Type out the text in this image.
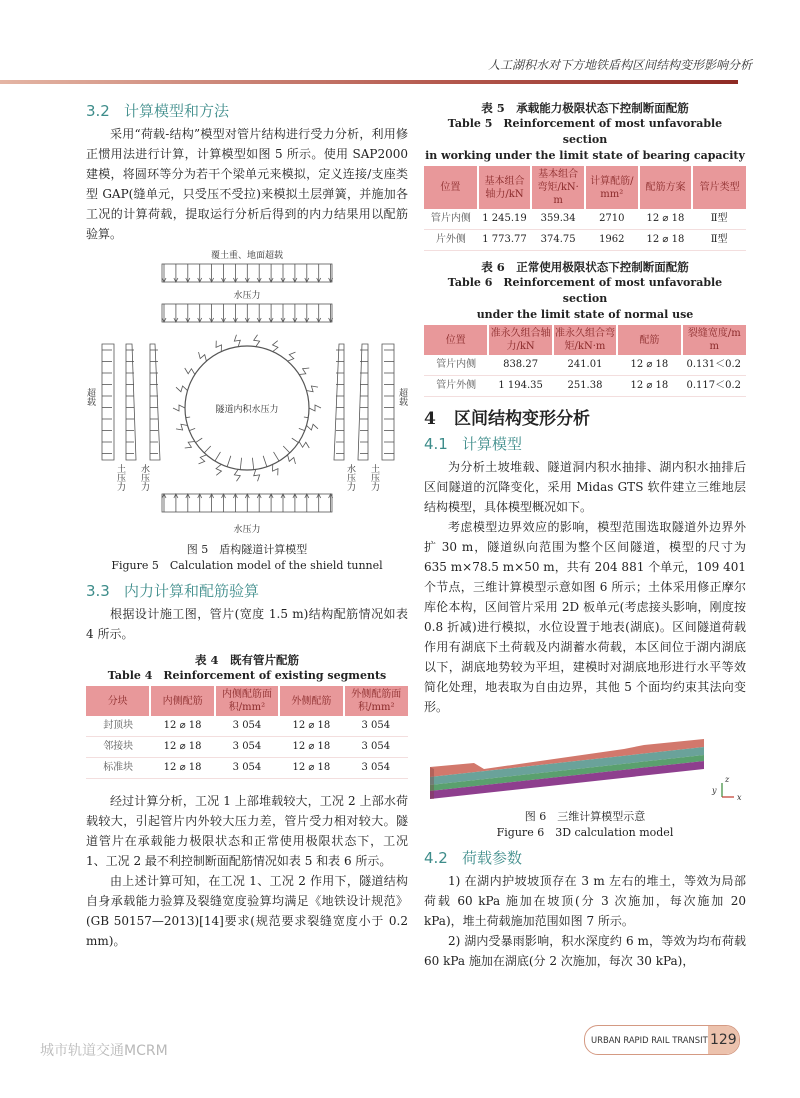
人工湖积水对下方地铁盾构区间结构变形影响分析
3.2 计算模型和方法

采用“荷载-结构”模型对管片结构进行受力分析，利用修正惯用法进行计算，计算模型如图 5 所示。使用 SAP2000 建模，将圆环等分为若干个梁单元来模拟，定义连接/支座类型 GAP(缝单元，只受压不受拉)来模拟土层弹簧，并施加各工况的计算荷载，提取运行分析后得到的内力结果用以配筋验算。

覆土重、地面超载
水压力
隧道内积水压力
超载
土压力 水压力	水压力 土压力
超载
水压力
图 5　盾构隧道计算模型
Figure 5　Calculation model of the shield tunnel
3.3 内力计算和配筋验算

根据设计施工图，管片(宽度 1.5 m)结构配筋情况如表 4 所示。

表 4　既有管片配筋
Table 4　Reinforcement of existing segments
分块	内侧配筋	内侧配筋面积/mm²	外侧配筋	外侧配筋面积/mm²
封顶块	12 ⌀ 18	3 054	12 ⌀ 18	3 054
邻接块	12 ⌀ 18	3 054	12 ⌀ 18	3 054
标准块	12 ⌀ 18	3 054	12 ⌀ 18	3 054

经过计算分析，工况 1 上部堆载较大，工况 2 上部水荷载较大，引起管片内外较大压力差，管片受力相对较大。隧道管片在承载能力极限状态和正常使用极限状态下，工况 1、工况 2 最不利控制断面配筋情况如表 5 和表 6 所示。

由上述计算可知，在工况 1、工况 2 作用下，隧道结构自身承载能力验算及裂缝宽度验算均满足《地铁设计规范》(GB 50157—2013)[14]要求(规范要求裂缝宽度小于 0.2 mm)。

表 5　承载能力极限状态下控制断面配筋
Table 5　Reinforcement of most unfavorable section
in working under the limit state of bearing capacity
位置	基本组合轴力/kN	基本组合弯矩/kN·m	计算配筋/mm²	配筋方案	管片类型
管片内侧	1 245.19	359.34	2710	12 ⌀ 18	Ⅱ型
片外侧	1 773.77	374.75	1962	12 ⌀ 18	Ⅱ型
表 6　正常使用极限状态下控制断面配筋
Table 6　Reinforcement of most unfavorable section
under the limit state of normal use
位置	准永久组合轴力/kN	准永久组合弯矩/kN·m	配筋	裂缝宽度/mm
管片内侧	838.27	241.01	12 ⌀ 18	0.131＜0.2
管片外侧	1 194.35	251.38	12 ⌀ 18	0.117＜0.2
4 区间结构变形分析
4.1 计算模型

为分析土坡堆载、隧道洞内积水抽排、湖内积水抽排后区间隧道的沉降变化，采用 Midas GTS 软件建立三维地层结构模型，具体模型概况如下。

考虑模型边界效应的影响，模型范围选取隧道外边界外扩 30 m，隧道纵向范围为整个区间隧道，模型的尺寸为 635 m×78.5 m×50 m，共有 204 881 个单元，109 401 个节点，三维计算模型示意如图 6 所示；土体采用修正摩尔库伦本构，区间管片采用 2D 板单元(考虑接头影响，刚度按 0.8 折减)进行模拟，水位设置于地表(湖底)。区间隧道荷载作用有湖底下土荷载及内湖蓄水荷载，本区间位于湖内湖底以下，湖底地势较为平坦，建模时对湖底地形进行水平等效简化处理，地表取为自由边界，其他 5 个面均约束其法向变形。

x
y
z
图 6　三维计算模型示意
Figure 6　3D calculation model
4.2 荷载参数

1) 在湖内护坡坡顶存在 3 m 左右的堆土，等效为局部荷载 60 kPa 施加在坡顶(分 3 次施加，每次施加 20 kPa)，堆土荷载施加范围如图 7 所示。

2) 湖内受暴雨影响，积水深度约 6 m，等效为均布荷载 60 kPa 施加在湖底(分 2 次施加，每次 30 kPa)，

URBAN RAPID RAIL TRANSIT 129
城市轨道交通MCRM
